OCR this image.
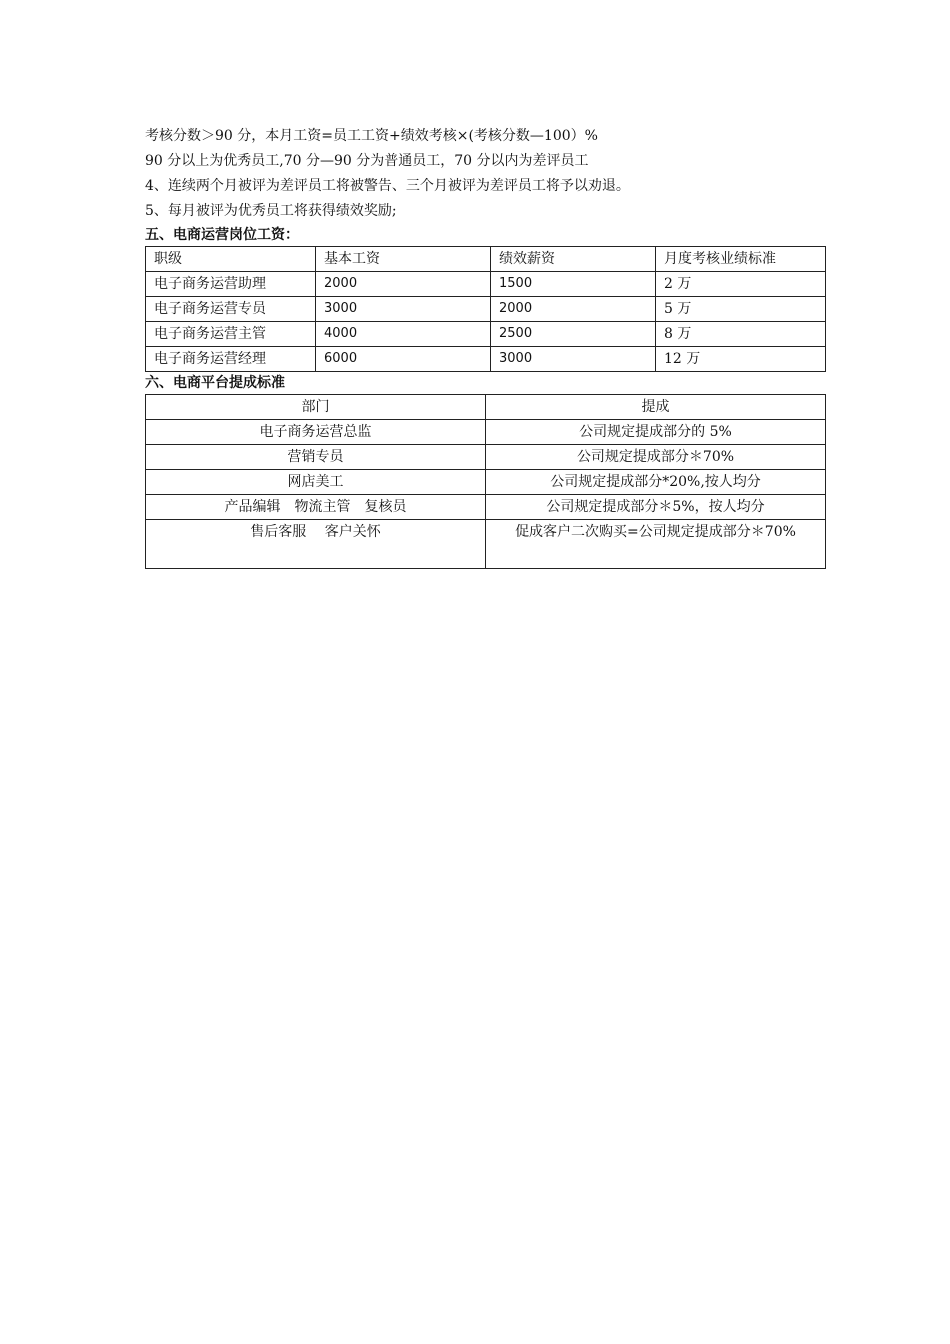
考核分数＞90 分，本月工资=员工工资+绩效考核×(考核分数—100）%
90 分以上为优秀员工,70 分—90 分为普通员工，70 分以内为差评员工
4、连续两个月被评为差评员工将被警告、三个月被评为差评员工将予以劝退。
5、每月被评为优秀员工将获得绩效奖励;
五、电商运营岗位工资：
职级	基本工资	绩效薪资	月度考核业绩标准
电子商务运营助理	2000	1500	2 万
电子商务运营专员	3000	2000	5 万
电子商务运营主管	4000	2500	8 万
电子商务运营经理	6000	3000	12 万
六、电商平台提成标准
部门	提成
电子商务运营总监	公司规定提成部分的 5%
营销专员	公司规定提成部分＊70%
网店美工	公司规定提成部分*20%,按人均分
产品编辑　物流主管　复核员	公司规定提成部分＊5%，按人均分
售后客服　 客户关怀	促成客户二次购买=公司规定提成部分＊70%
